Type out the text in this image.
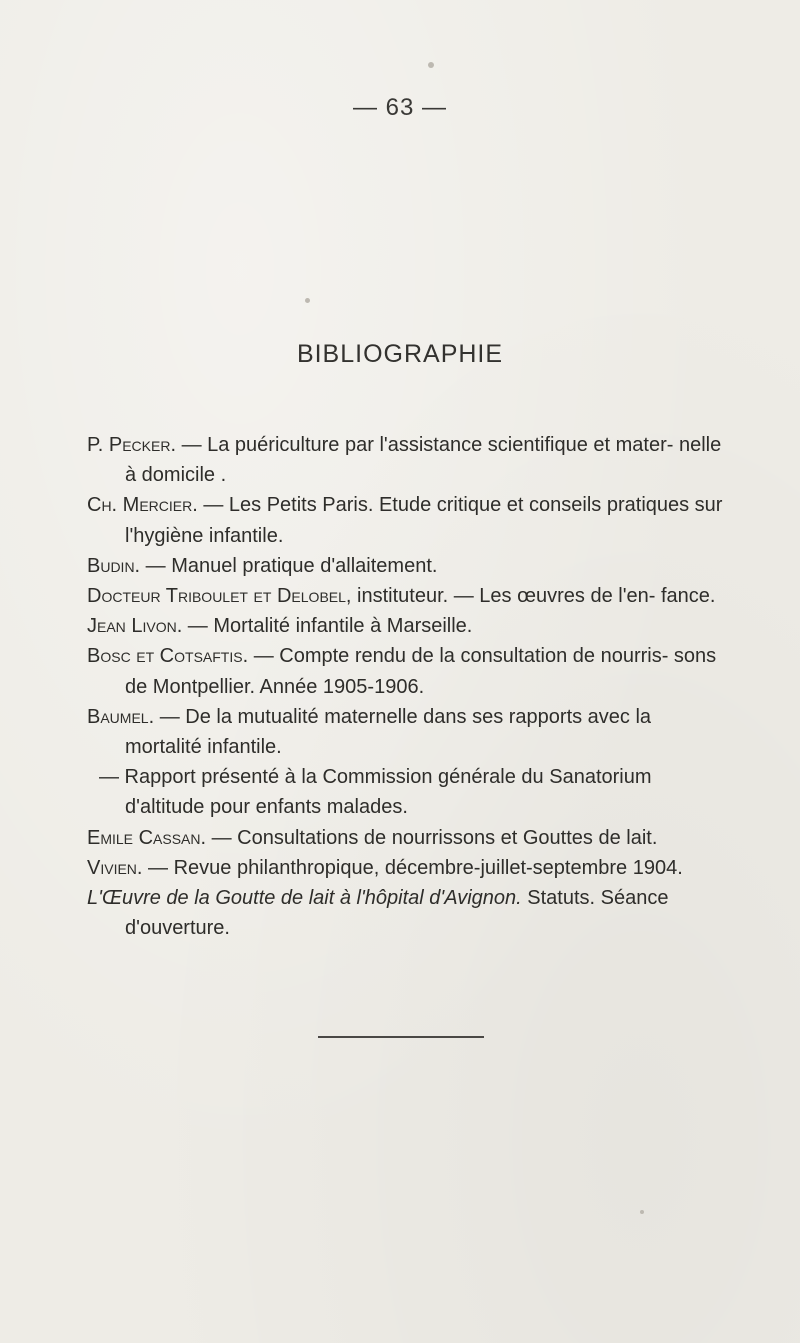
— 63 —
BIBLIOGRAPHIE
P. Pecker. — La puériculture par l'assistance scientifique et mater- nelle à domicile .
Ch. Mercier. — Les Petits Paris. Etude critique et conseils pratiques sur l'hygiène infantile.
Budin. — Manuel pratique d'allaitement.
Docteur Triboulet et Delobel, instituteur. — Les œuvres de l'en- fance.
Jean Livon. — Mortalité infantile à Marseille.
Bosc et Cotsaftis. — Compte rendu de la consultation de nourris- sons de Montpellier. Année 1905-1906.
Baumel. — De la mutualité maternelle dans ses rapports avec la mortalité infantile.
— Rapport présenté à la Commission générale du Sanatorium d'altitude pour enfants malades.
Emile Cassan. — Consultations de nourrissons et Gouttes de lait.
Vivien. — Revue philanthropique, décembre-juillet-septembre 1904.
L'Œuvre de la Goutte de lait à l'hôpital d'Avignon. Statuts. Séance d'ouverture.
